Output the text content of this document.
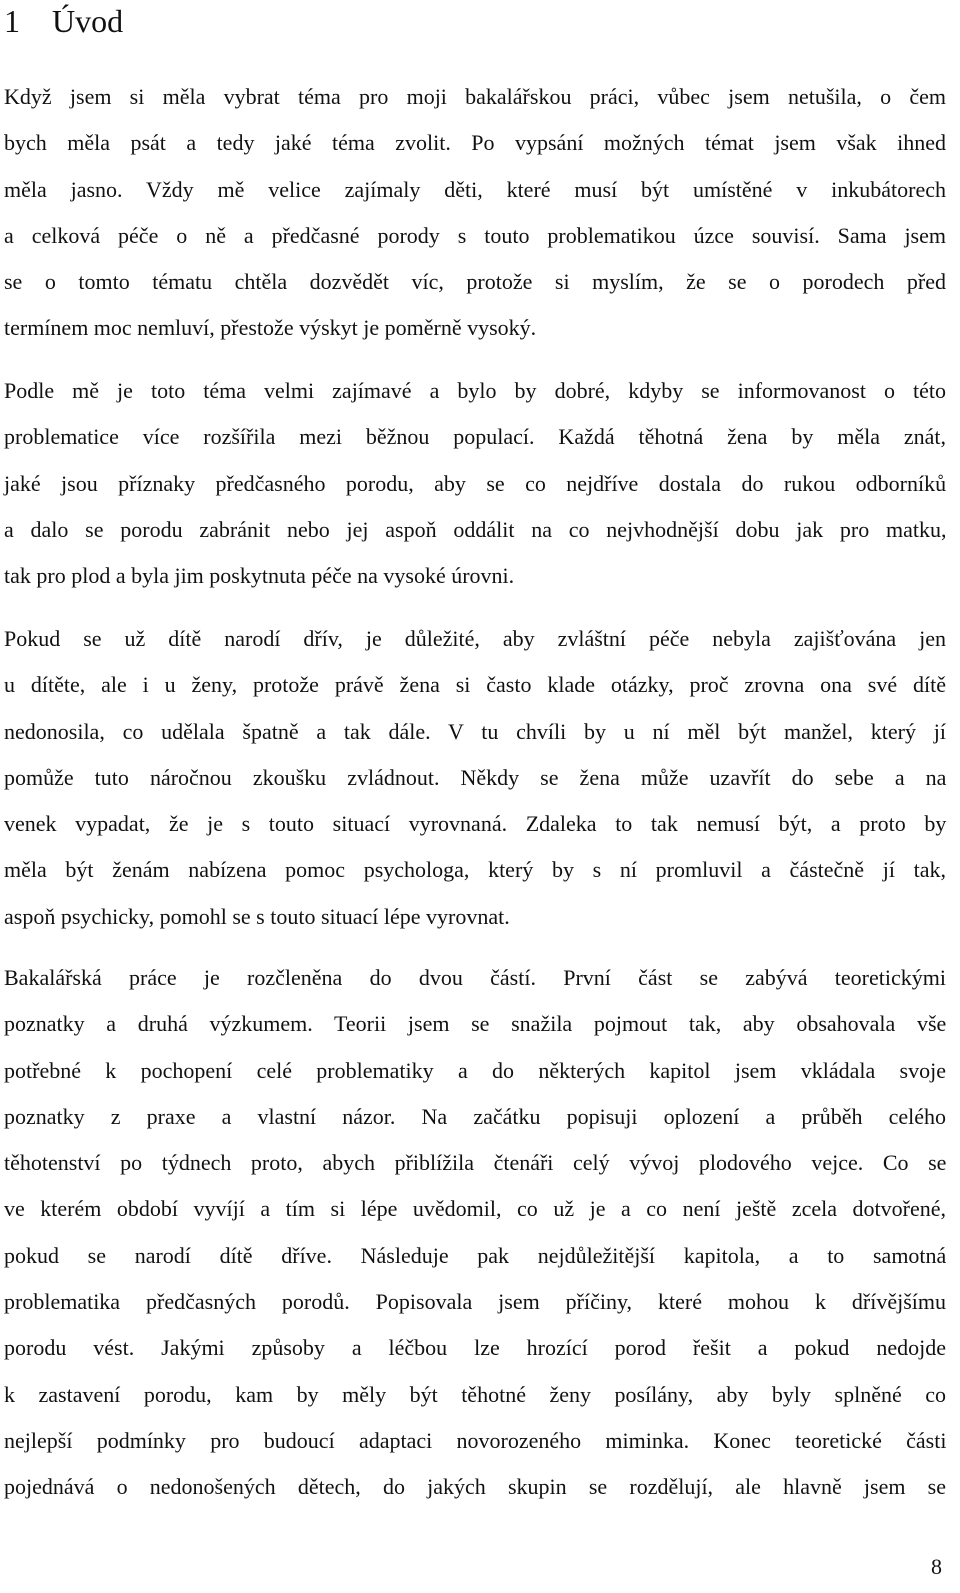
1 Úvod
Když jsem si měla vybrat téma pro moji bakalářskou práci, vůbec jsem netušila, o čem
bych měla psát a tedy jaké téma zvolit. Po vypsání možných témat jsem však ihned
měla jasno. Vždy mě velice zajímaly děti, které musí být umístěné v inkubátorech
a celková péče o ně a předčasné porody s touto problematikou úzce souvisí. Sama jsem
se o tomto tématu chtěla dozvědět víc, protože si myslím, že se o porodech před
termínem moc nemluví, přestože výskyt je poměrně vysoký.
Podle mě je toto téma velmi zajímavé a bylo by dobré, kdyby se informovanost o této
problematice více rozšířila mezi běžnou populací. Každá těhotná žena by měla znát,
jaké jsou příznaky předčasného porodu, aby se co nejdříve dostala do rukou odborníků
a dalo se porodu zabránit nebo jej aspoň oddálit na co nejvhodnější dobu jak pro matku,
tak pro plod a byla jim poskytnuta péče na vysoké úrovni.
Pokud se už dítě narodí dřív, je důležité, aby zvláštní péče nebyla zajišťována jen
u dítěte, ale i u ženy, protože právě žena si často klade otázky, proč zrovna ona své dítě
nedonosila, co udělala špatně a tak dále. V tu chvíli by u ní měl být manžel, který jí
pomůže tuto náročnou zkoušku zvládnout. Někdy se žena může uzavřít do sebe a na
venek vypadat, že je s touto situací vyrovnaná. Zdaleka to tak nemusí být, a proto by
měla být ženám nabízena pomoc psychologa, který by s ní promluvil a částečně jí tak,
aspoň psychicky, pomohl se s touto situací lépe vyrovnat.
Bakalářská práce je rozčleněna do dvou částí. První část se zabývá teoretickými
poznatky a druhá výzkumem. Teorii jsem se snažila pojmout tak, aby obsahovala vše
potřebné k pochopení celé problematiky a do některých kapitol jsem vkládala svoje
poznatky z praxe a vlastní názor. Na začátku popisuji oplození a průběh celého
těhotenství po týdnech proto, abych přiblížila čtenáři celý vývoj plodového vejce. Co se
ve kterém období vyvíjí a tím si lépe uvědomil, co už je a co není ještě zcela dotvořené,
pokud se narodí dítě dříve. Následuje pak nejdůležitější kapitola, a to samotná
problematika předčasných porodů. Popisovala jsem příčiny, které mohou k dřívějšímu
porodu vést. Jakými způsoby a léčbou lze hrozící porod řešit a pokud nedojde
k zastavení porodu, kam by měly být těhotné ženy posílány, aby byly splněné co
nejlepší podmínky pro budoucí adaptaci novorozeného miminka. Konec teoretické části
pojednává o nedonošených dětech, do jakých skupin se rozdělují, ale hlavně jsem se
8
